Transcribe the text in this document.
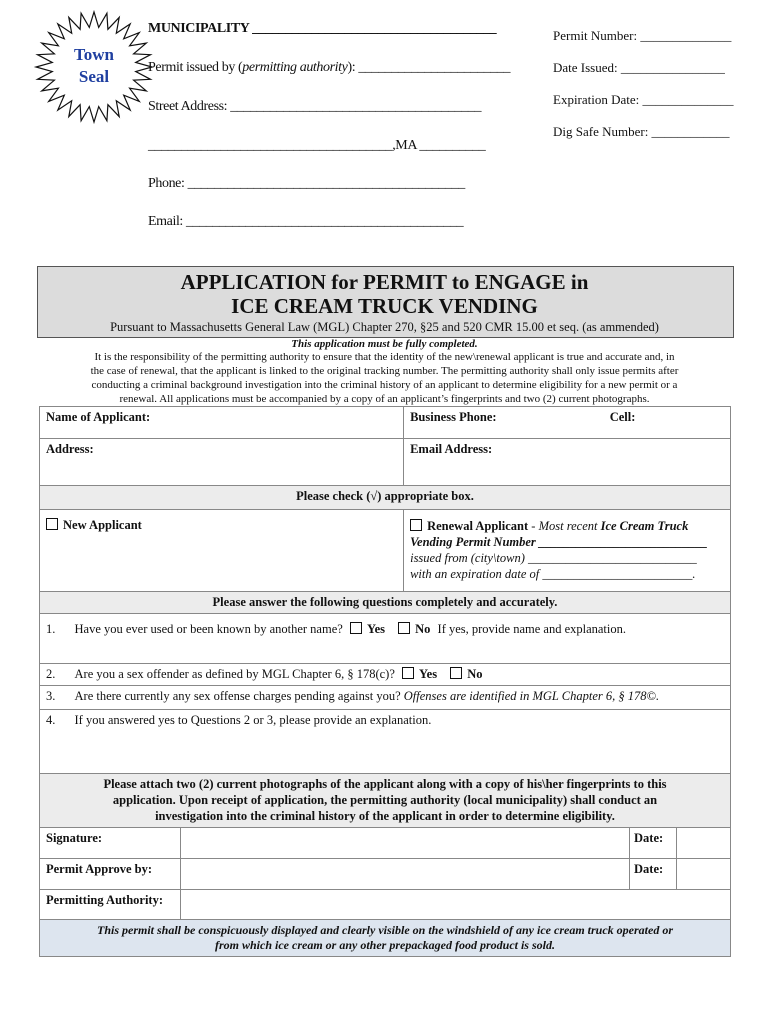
Town
Seal
MUNICIPALITY _____________________________________
Permit issued by (permitting authority): _______________________
Street Address: ______________________________________
_____________________________________,MA __________
Phone: __________________________________________
Email: __________________________________________
Permit Number: ______________
Date Issued: ________________
Expiration Date: ______________
Dig Safe Number: ____________
APPLICATION for PERMIT to ENGAGE in
ICE CREAM TRUCK VENDING
Pursuant to Massachusetts General Law (MGL) Chapter 270, §25 and 520 CMR 15.00 et seq. (as ammended)
This application must be fully completed.
It is the responsibility of the permitting authority to ensure that the identity of the new\renewal applicant is true and accurate and, in
the case of renewal, that the applicant is linked to the original tracking number. The permitting authority shall only issue permits after
conducting a criminal background investigation into the criminal history of an applicant to determine eligibility for a new permit or a
renewal. All applications must be accompanied by a copy of an applicant’s fingerprints and two (2) current photographs.
Name of Applicant:		Business Phone: Cell:	
Address:		Email Address:	
Please check (√) appropriate box.			
New Applicant		Renewal Applicant - Most recent Ice Cream Truck
Vending Permit Number ___________________________
issued from (city\town) ___________________________
with an expiration date of ________________________.	
Please answer the following questions completely and accurately.			
1. Have you ever used or been known by another name? Yes No If yes, provide name and explanation.			
2. Are you a sex offender as defined by MGL Chapter 6, § 178(c)? Yes No			
3. Are there currently any sex offense charges pending against you? Offenses are identified in MGL Chapter 6, § 178©.			
4. If you answered yes to Questions 2 or 3, please provide an explanation.			
Please attach two (2) current photographs of the applicant along with a copy of his\her fingerprints to this
application. Upon receipt of application, the permitting authority (local municipality) shall conduct an
investigation into the criminal history of the applicant in order to determine eligibility.			
Signature:			Date:

Permit Approve by:			Date:

Permitting Authority:			
This permit shall be conspicuously displayed and clearly visible on the windshield of any ice cream truck operated or
from which ice cream or any other prepackaged food product is sold.			
